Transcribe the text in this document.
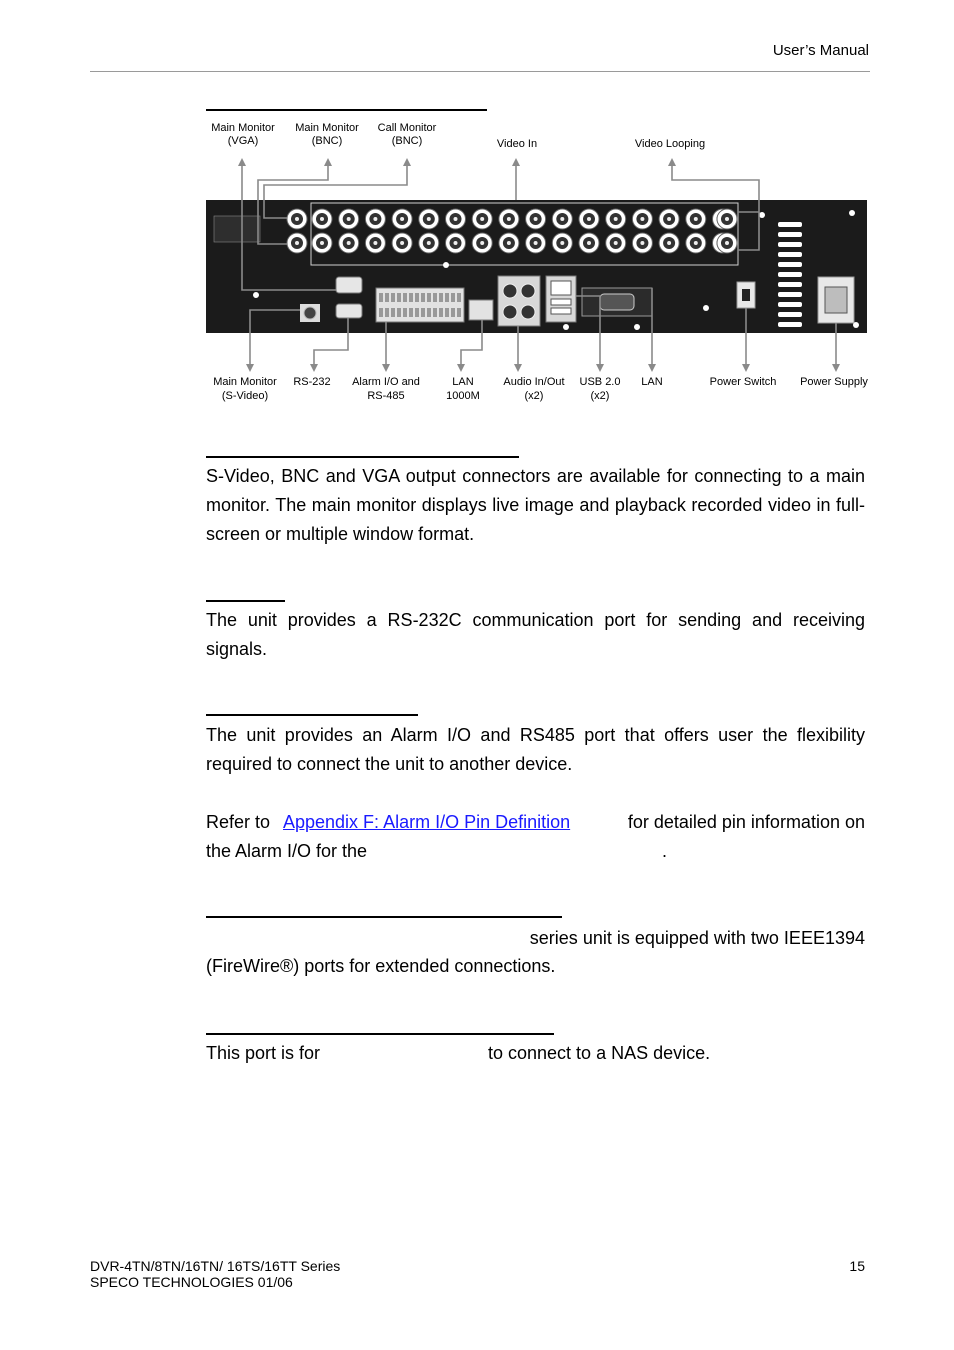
User’s Manual
Main Monitor (VGA)
Main Monitor (BNC)
Call Monitor (BNC)	Video In	Video Looping
Main Monitor (S-Video)
RS-232 Alarm I/O and RS-485
LAN 1000M
Audio In/Out (x2)
USB 2.0 (x2)
LAN	Power Switch Power Supply
S-Video, BNC and VGA output connectors are available for connecting to a main monitor. The main monitor displays live image and playback recorded video in full-screen or multiple window format.
The unit provides a RS-232C communication port for sending and receiving signals.
The unit provides an Alarm I/O and RS485 port that offers user the flexibility required to connect the unit to another device.
Refer to Appendix F: Alarm I/O Pin Definition	for detailed pin information on
the Alarm I/O for the	.
series unit is equipped with two IEEE1394
(FireWire®) ports for extended connections.
This port is for	to connect to a NAS device.
DVR-4TN/8TN/16TN/ 16TS/16TT Series
SPECO TECHNOLOGIES 01/06
15
